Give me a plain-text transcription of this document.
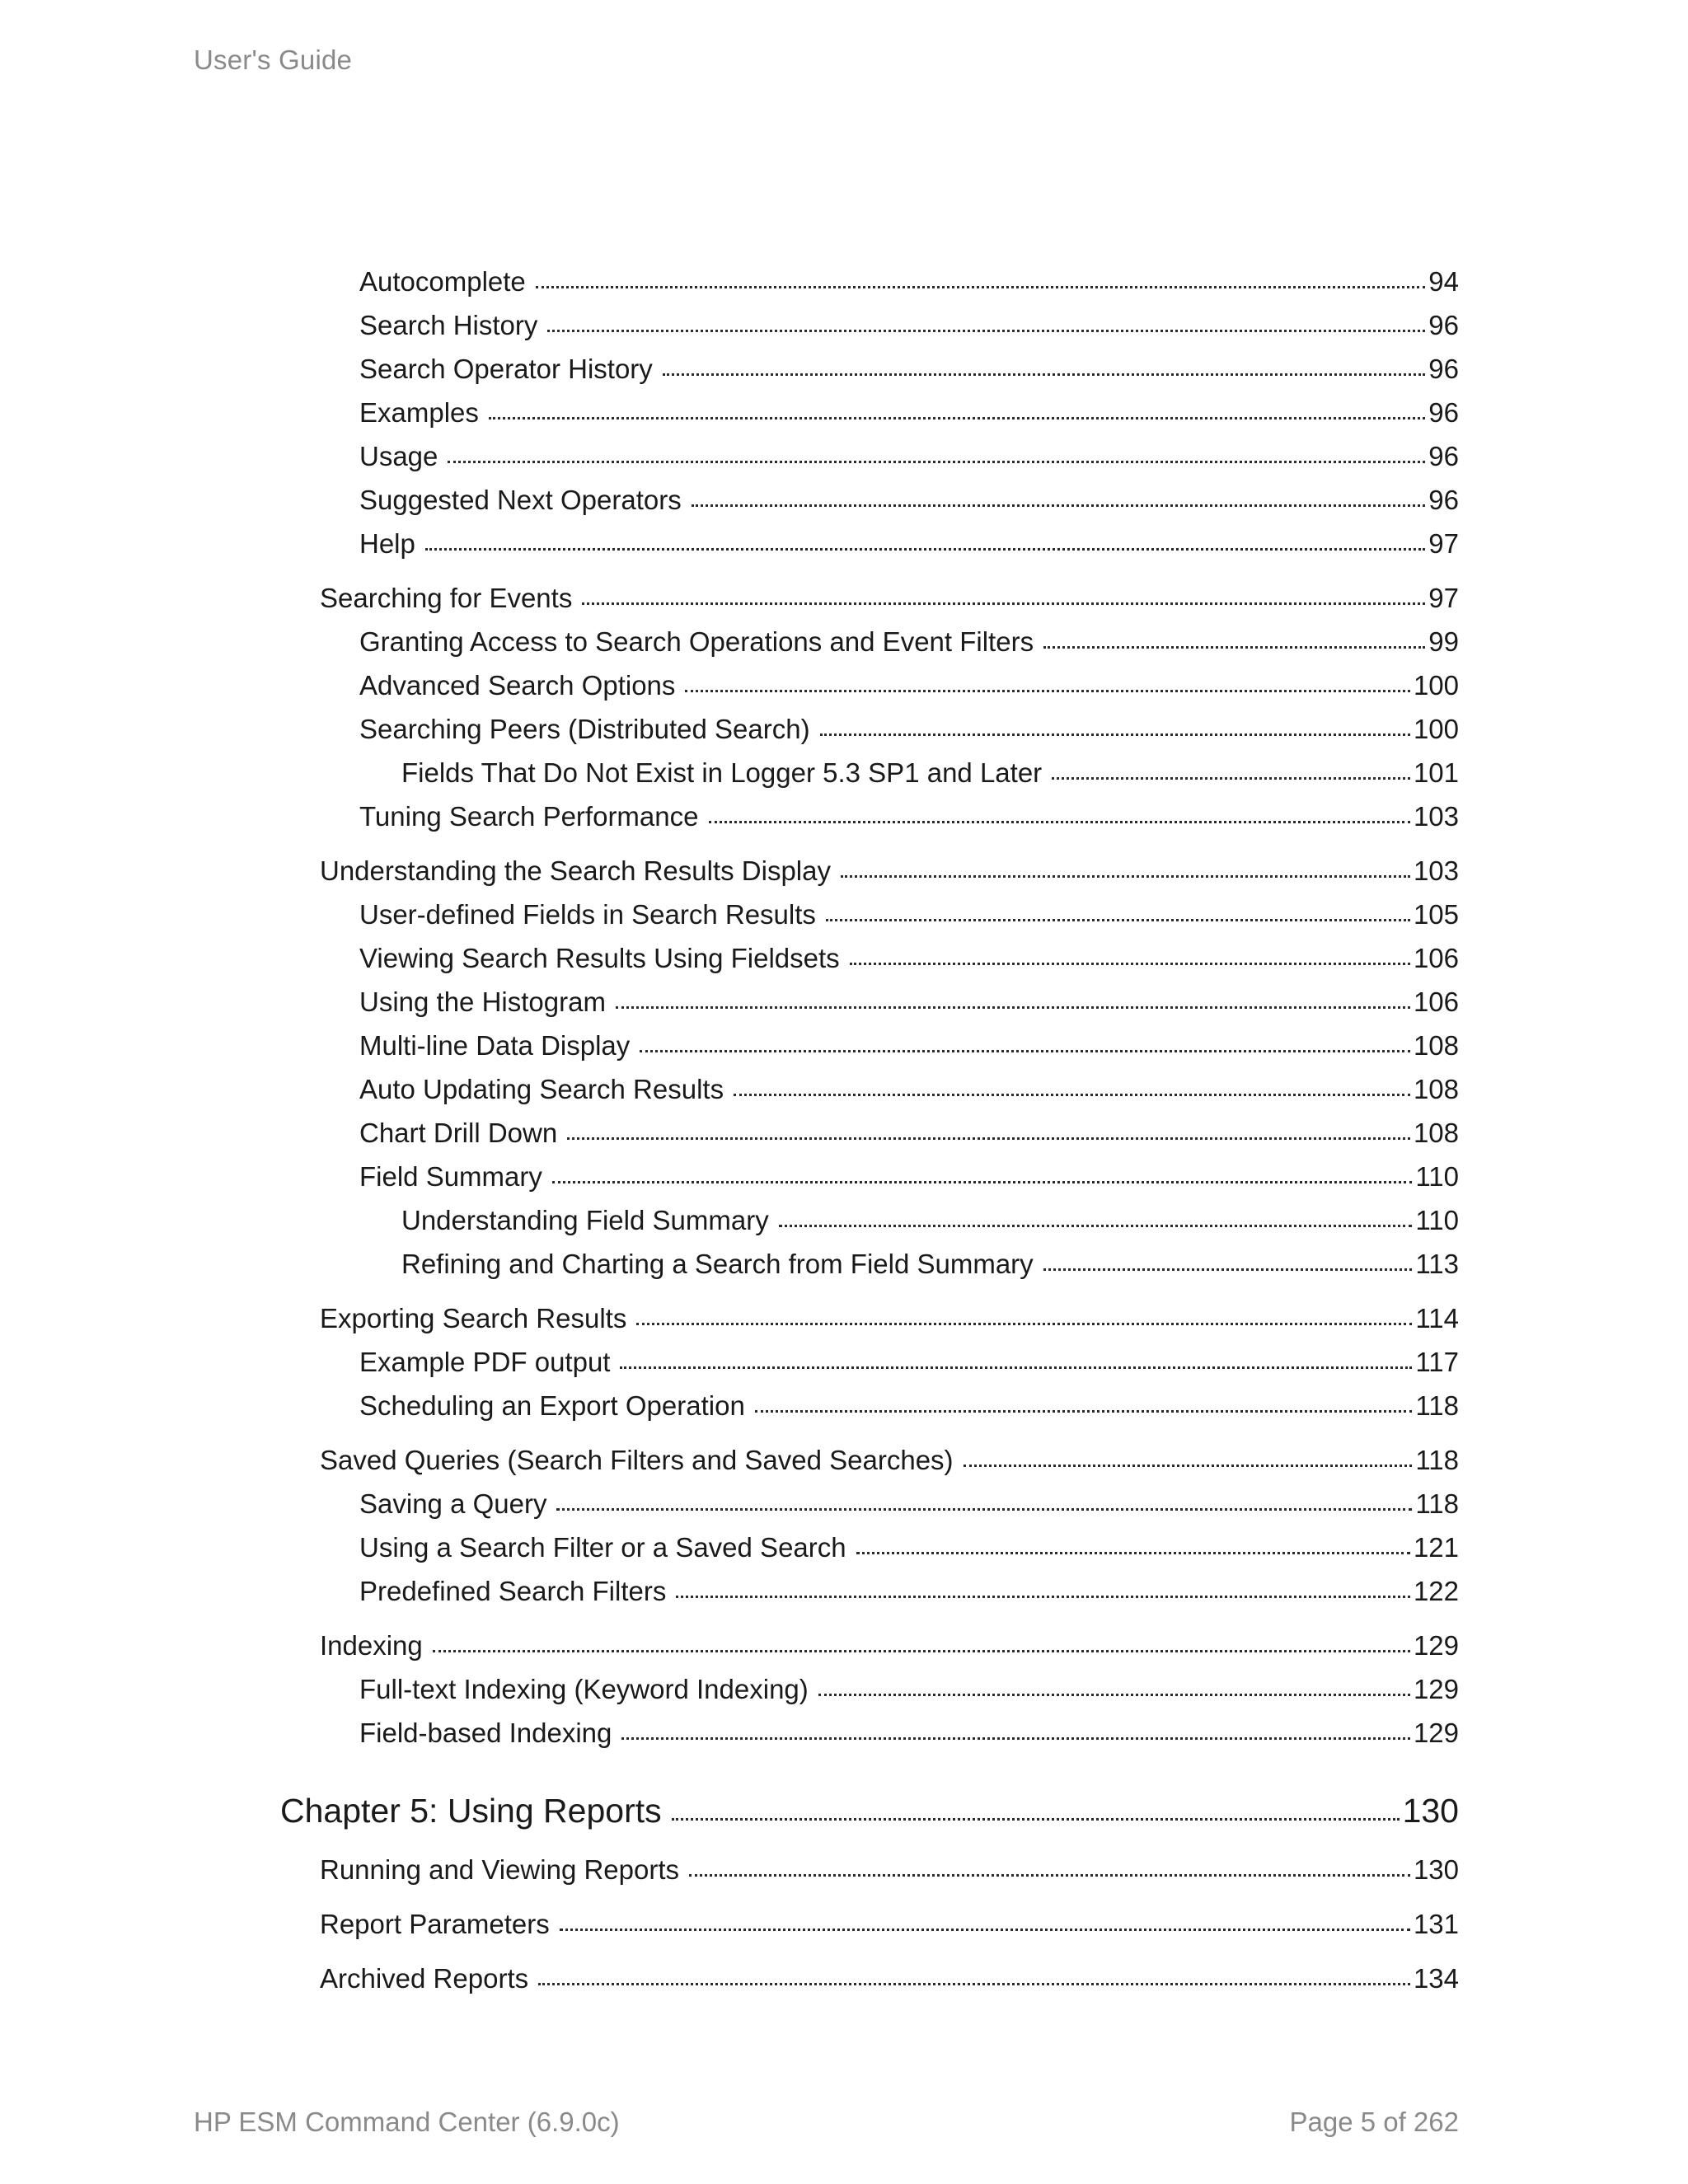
User's Guide
Autocomplete	94
Search History	96
Search Operator History	96
Examples	96
Usage	96
Suggested Next Operators	96
Help	97
Searching for Events	97
Granting Access to Search Operations and Event Filters	99
Advanced Search Options	100
Searching Peers (Distributed Search)	100
Fields That Do Not Exist in Logger 5.3 SP1 and Later	101
Tuning Search Performance	103
Understanding the Search Results Display	103
User-defined Fields in Search Results	105
Viewing Search Results Using Fieldsets	106
Using the Histogram	106
Multi-line Data Display	108
Auto Updating Search Results	108
Chart Drill Down	108
Field Summary	110
Understanding Field Summary	110
Refining and Charting a Search from Field Summary	113
Exporting Search Results	114
Example PDF output	117
Scheduling an Export Operation	118
Saved Queries (Search Filters and Saved Searches)	118
Saving a Query	118
Using a Search Filter or a Saved Search	121
Predefined Search Filters	122
Indexing	129
Full-text Indexing (Keyword Indexing)	129
Field-based Indexing	129
Chapter 5: Using Reports	130
Running and Viewing Reports	130
Report Parameters	131
Archived Reports	134
HP ESM Command Center (6.9.0c)	Page 5 of 262
